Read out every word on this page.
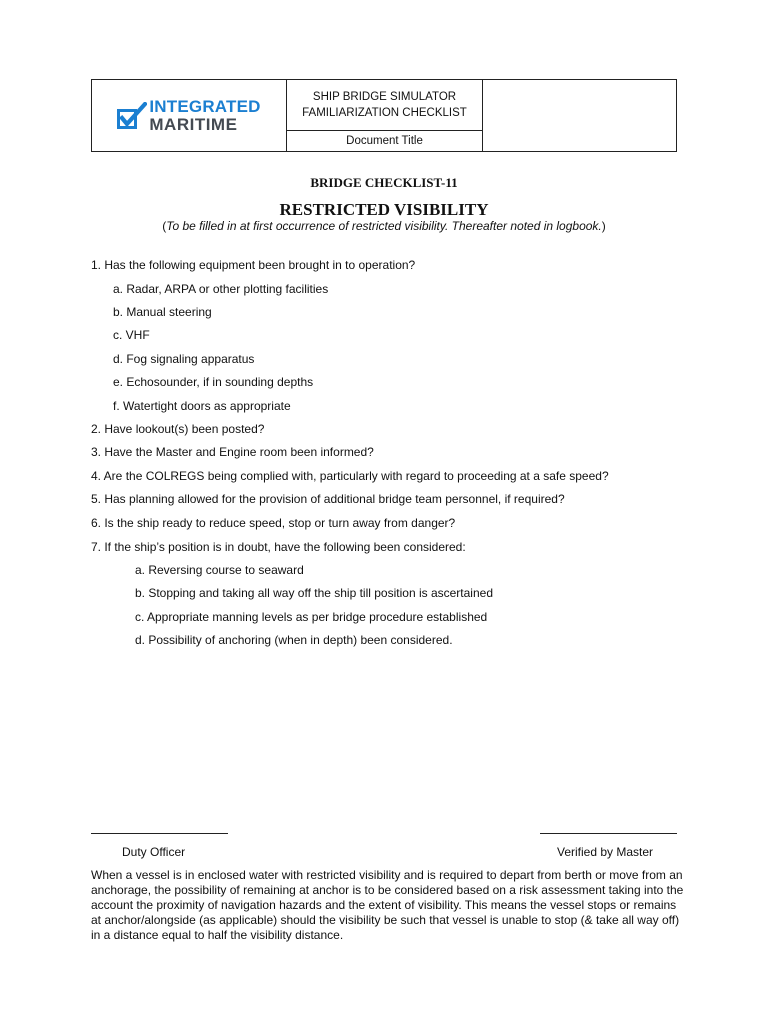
INTEGRATED
MARITIME
SHIP BRIDGE SIMULATOR
FAMILIARIZATION CHECKLIST
Document Title
BRIDGE CHECKLIST-11
RESTRICTED VISIBILITY
(To be filled in at first occurrence of restricted visibility. Thereafter noted in logbook.)
1. Has the following equipment been brought in to operation?
a. Radar, ARPA or other plotting facilities
b. Manual steering
c. VHF
d. Fog signaling apparatus
e. Echosounder, if in sounding depths
f. Watertight doors as appropriate
2. Have lookout(s) been posted?
3. Have the Master and Engine room been informed?
4. Are the COLREGS being complied with, particularly with regard to proceeding at a safe speed?
5. Has planning allowed for the provision of additional bridge team personnel, if required?
6. Is the ship ready to reduce speed, stop or turn away from danger?
7. If the ship’s position is in doubt, have the following been considered:
a. Reversing course to seaward
b. Stopping and taking all way off the ship till position is ascertained
c. Appropriate manning levels as per bridge procedure established
d. Possibility of anchoring (when in depth) been considered.
Duty Officer	Verified by Master
When a vessel is in enclosed water with restricted visibility and is required to depart from berth or move from an anchorage, the possibility of remaining at anchor is to be considered based on a risk assessment taking into the account the proximity of navigation hazards and the extent of visibility. This means the vessel stops or remains at anchor/alongside (as applicable) should the visibility be such that vessel is unable to stop (& take all way off) in a distance equal to half the visibility distance.
